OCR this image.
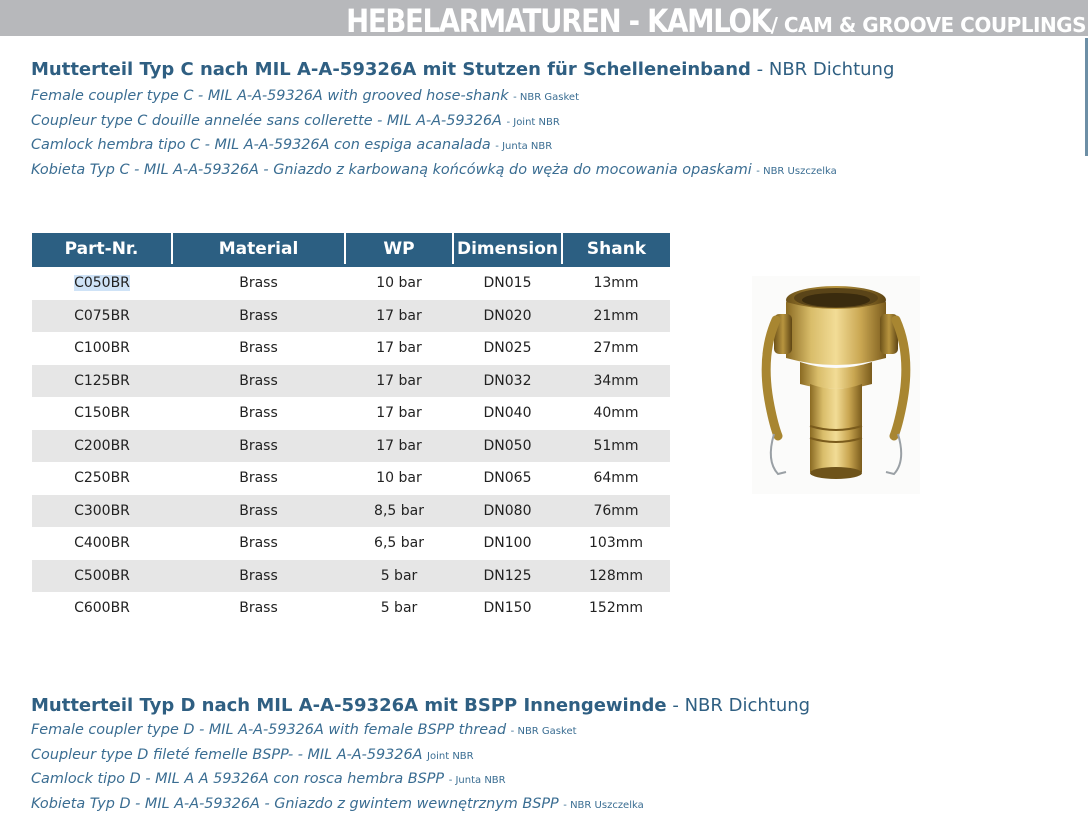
HEBELARMATUREN - KAMLOK/ CAM & GROOVE COUPLINGS
Mutterteil Typ C nach MIL A-A-59326A mit Stutzen für Schelleneinband - NBR Dichtung
Female coupler type C - MIL A-A-59326A with grooved hose-shank - NBR Gasket
Coupleur type C douille annelée sans collerette - MIL A-A-59326A - Joint NBR
Camlock hembra tipo C - MIL A-A-59326A con espiga acanalada - Junta NBR
Kobieta Typ C - MIL A-A-59326A - Gniazdo z karbowaną końcówką do węża do mocowania opaskami - NBR Uszczelka
Part-Nr.	Material	WP	Dimension	Shank
C050BR	Brass	10 bar	DN015	13mm
C075BR	Brass	17 bar	DN020	21mm
C100BR	Brass	17 bar	DN025	27mm
C125BR	Brass	17 bar	DN032	34mm
C150BR	Brass	17 bar	DN040	40mm
C200BR	Brass	17 bar	DN050	51mm
C250BR	Brass	10 bar	DN065	64mm
C300BR	Brass	8,5 bar	DN080	76mm
C400BR	Brass	6,5 bar	DN100	103mm
C500BR	Brass	5 bar	DN125	128mm
C600BR	Brass	5 bar	DN150	152mm
Mutterteil Typ D nach MIL A-A-59326A mit BSPP Innengewinde - NBR Dichtung
Female coupler type D - MIL A-A-59326A with female BSPP thread - NBR Gasket
Coupleur type D fileté femelle BSPP- - MIL A-A-59326A Joint NBR
Camlock tipo D - MIL A A 59326A con rosca hembra BSPP - Junta NBR
Kobieta Typ D - MIL A-A-59326A - Gniazdo z gwintem wewnętrznym BSPP - NBR Uszczelka
